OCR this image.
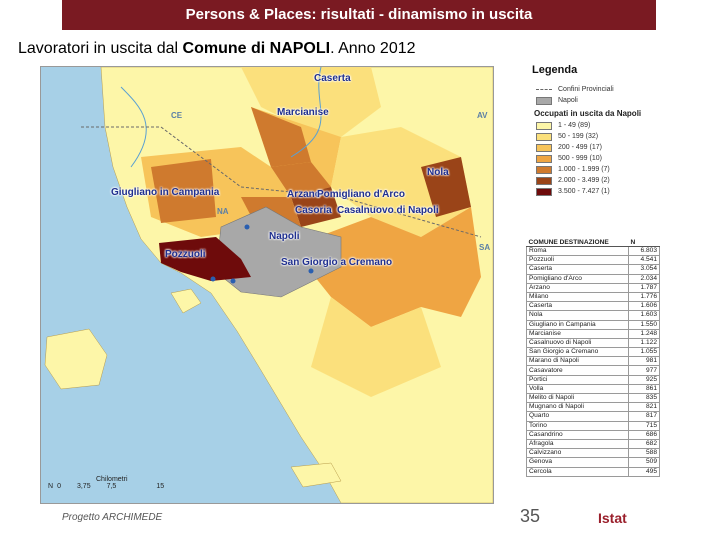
Persons & Places: risultati - dinamismo in uscita
Lavoratori in uscita dal Comune di NAPOLI. Anno 2012
Caserta
Marcianise
Nola
Giugliano in Campania	Arzano
Pomigliano d'Arco
Casoria Casalnuovo di Napoli
Napoli
Pozzuoli
San Giorgio a Cremano
CE	AV
NA
SA
Chilometri
N 0 3,75 7,5	15
Legenda
Confini Provinciali
Napoli
Occupati in uscita da Napoli
1 - 49 (89)
50 - 199 (32)
200 - 499 (17)
500 - 999 (10)
1.000 - 1.999 (7)
2.000 - 3.499 (2)
3.500 - 7.427 (1)
COMUNE DESTINAZIONE	N
Roma	6.803
Pozzuoli	4.541
Caserta	3.054
Pomigliano d'Arco	2.034
Arzano	1.787
Milano	1.776
Caserta	1.606
Nola	1.603
Giugliano in Campania	1.550
Marcianise	1.248
Casalnuovo di Napoli	1.122
San Giorgio a Cremano	1.055
Marano di Napoli	981
Casavatore	977
Portici	925
Volla	861
Melito di Napoli	835
Mugnano di Napoli	821
Quarto	817
Torino	715
Casandrino	686
Afragola	682
Calvizzano	588
Genova	509
Cercola	495
Progetto ARCHIMEDE	35	Istat
